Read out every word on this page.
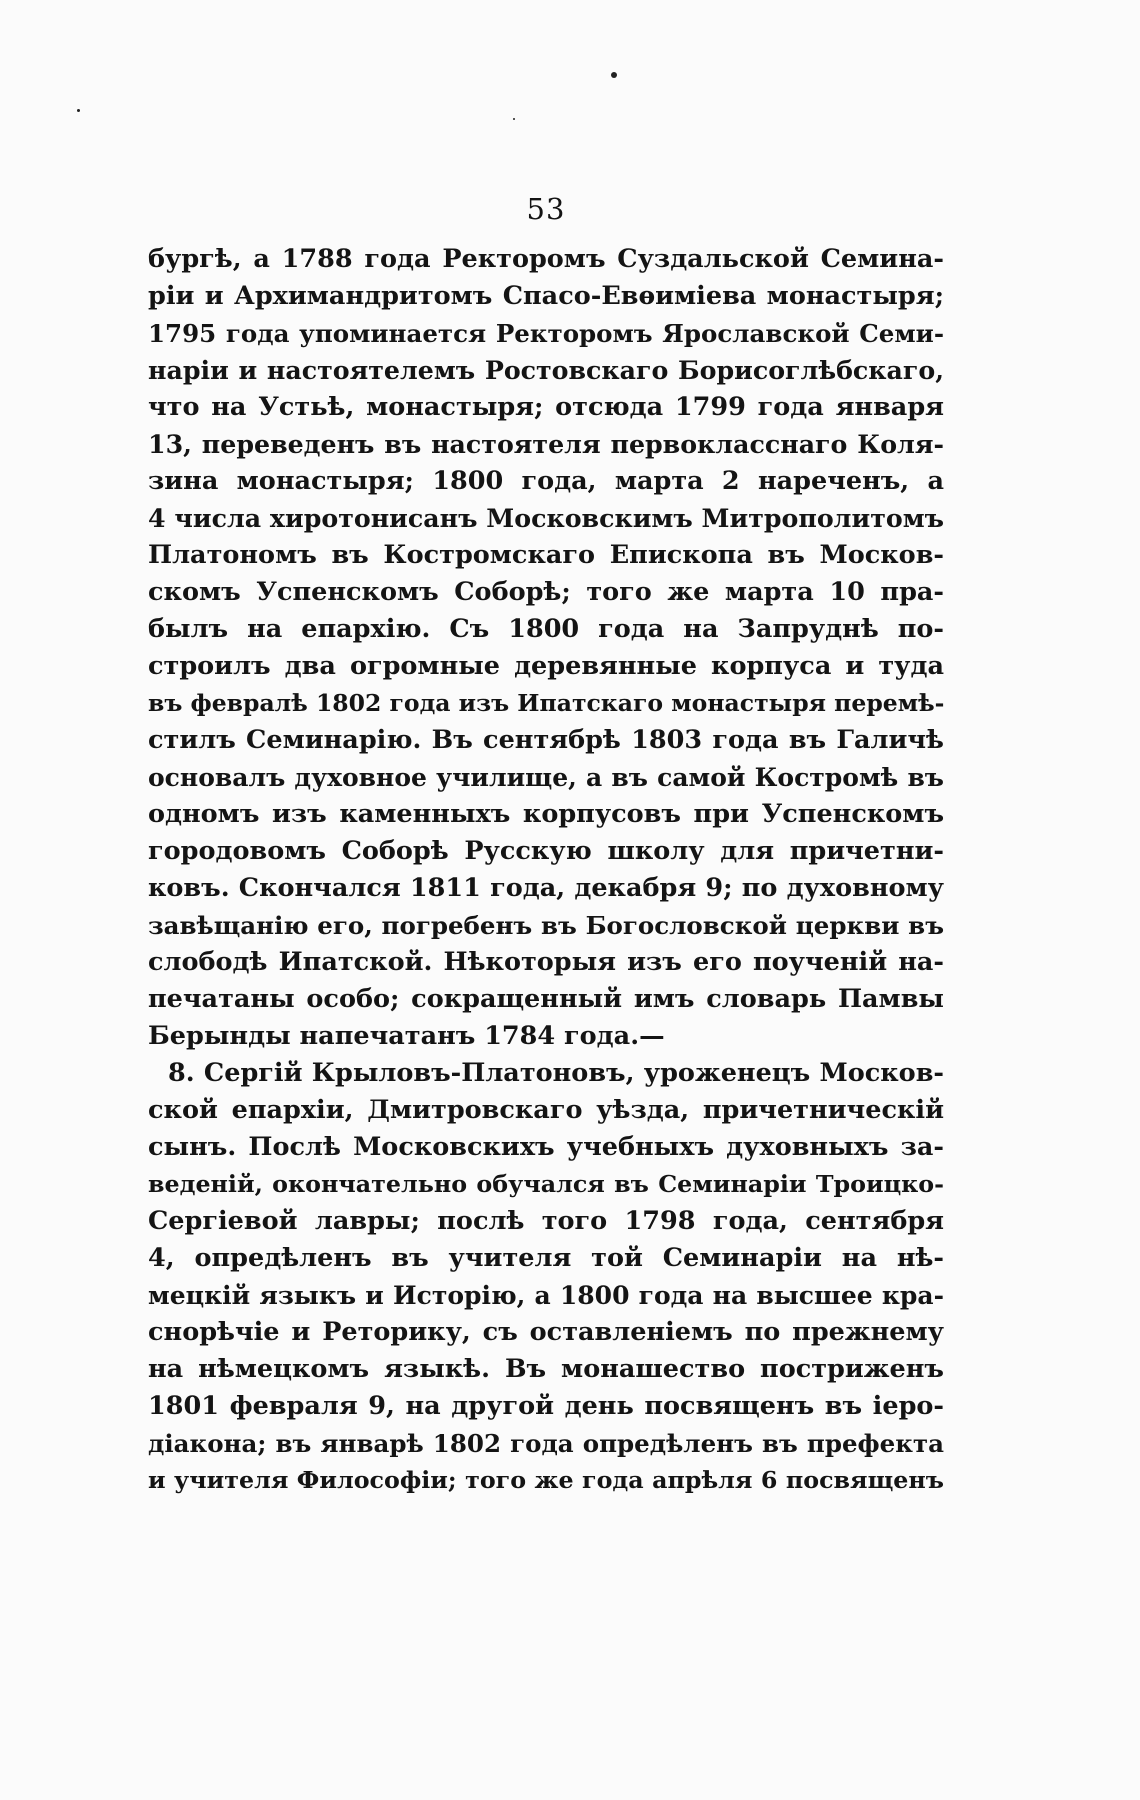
53
бургѣ, а 1788 года Ректоромъ Суздальской Семина-
ріи и Архимандритомъ Спасо-Евѳиміева монастыря;
1795 года упоминается Ректоромъ Ярославской Семи-
наріи и настоятелемъ Ростовскаго Борисоглѣбскаго,
что на Устьѣ, монастыря; отсюда 1799 года января
13, переведенъ въ настоятеля первокласснаго Коля-
зина монастыря; 1800 года, марта 2 нареченъ, а
4 числа хиротонисанъ Московскимъ Митрополитомъ
Платономъ въ Костромскаго Епископа въ Москов-
скомъ Успенскомъ Соборѣ; того же марта 10 пра-
былъ на епархію. Съ 1800 года на Запруднѣ по-
строилъ два огромные деревянные корпуса и туда
въ февралѣ 1802 года изъ Ипатскаго монастыря перемѣ-
стилъ Семинарію. Въ сентябрѣ 1803 года въ Галичѣ
основалъ духовное училище, а въ самой Костромѣ въ
одномъ изъ каменныхъ корпусовъ при Успенскомъ
городовомъ Соборѣ Русскую школу для причетни-
ковъ. Скончался 1811 года, декабря 9; по духовному
завѣщанію его, погребенъ въ Богословской церкви въ
слободѣ Ипатской. Нѣкоторыя изъ его поученій на-
печатаны особо; сокращенный имъ словарь Памвы
Берынды напечатанъ 1784 года.—
8. Сергій Крыловъ-Платоновъ, уроженецъ Москов-
ской епархіи, Дмитровскаго уѣзда, причетническій
сынъ. Послѣ Московскихъ учебныхъ духовныхъ за-
веденій, окончательно обучался въ Семинаріи Троицко-
Сергіевой лавры; послѣ того 1798 года, сентября
4, опредѣленъ въ учителя той Семинаріи на нѣ-
мецкій языкъ и Исторію, а 1800 года на высшее кра-
снорѣчіе и Реторику, съ оставленіемъ по прежнему
на нѣмецкомъ языкѣ. Въ монашество постриженъ
1801 февраля 9, на другой день посвященъ въ іеро-
діакона; въ январѣ 1802 года опредѣленъ въ префекта
и учителя Философіи; того же года апрѣля 6 посвященъ
